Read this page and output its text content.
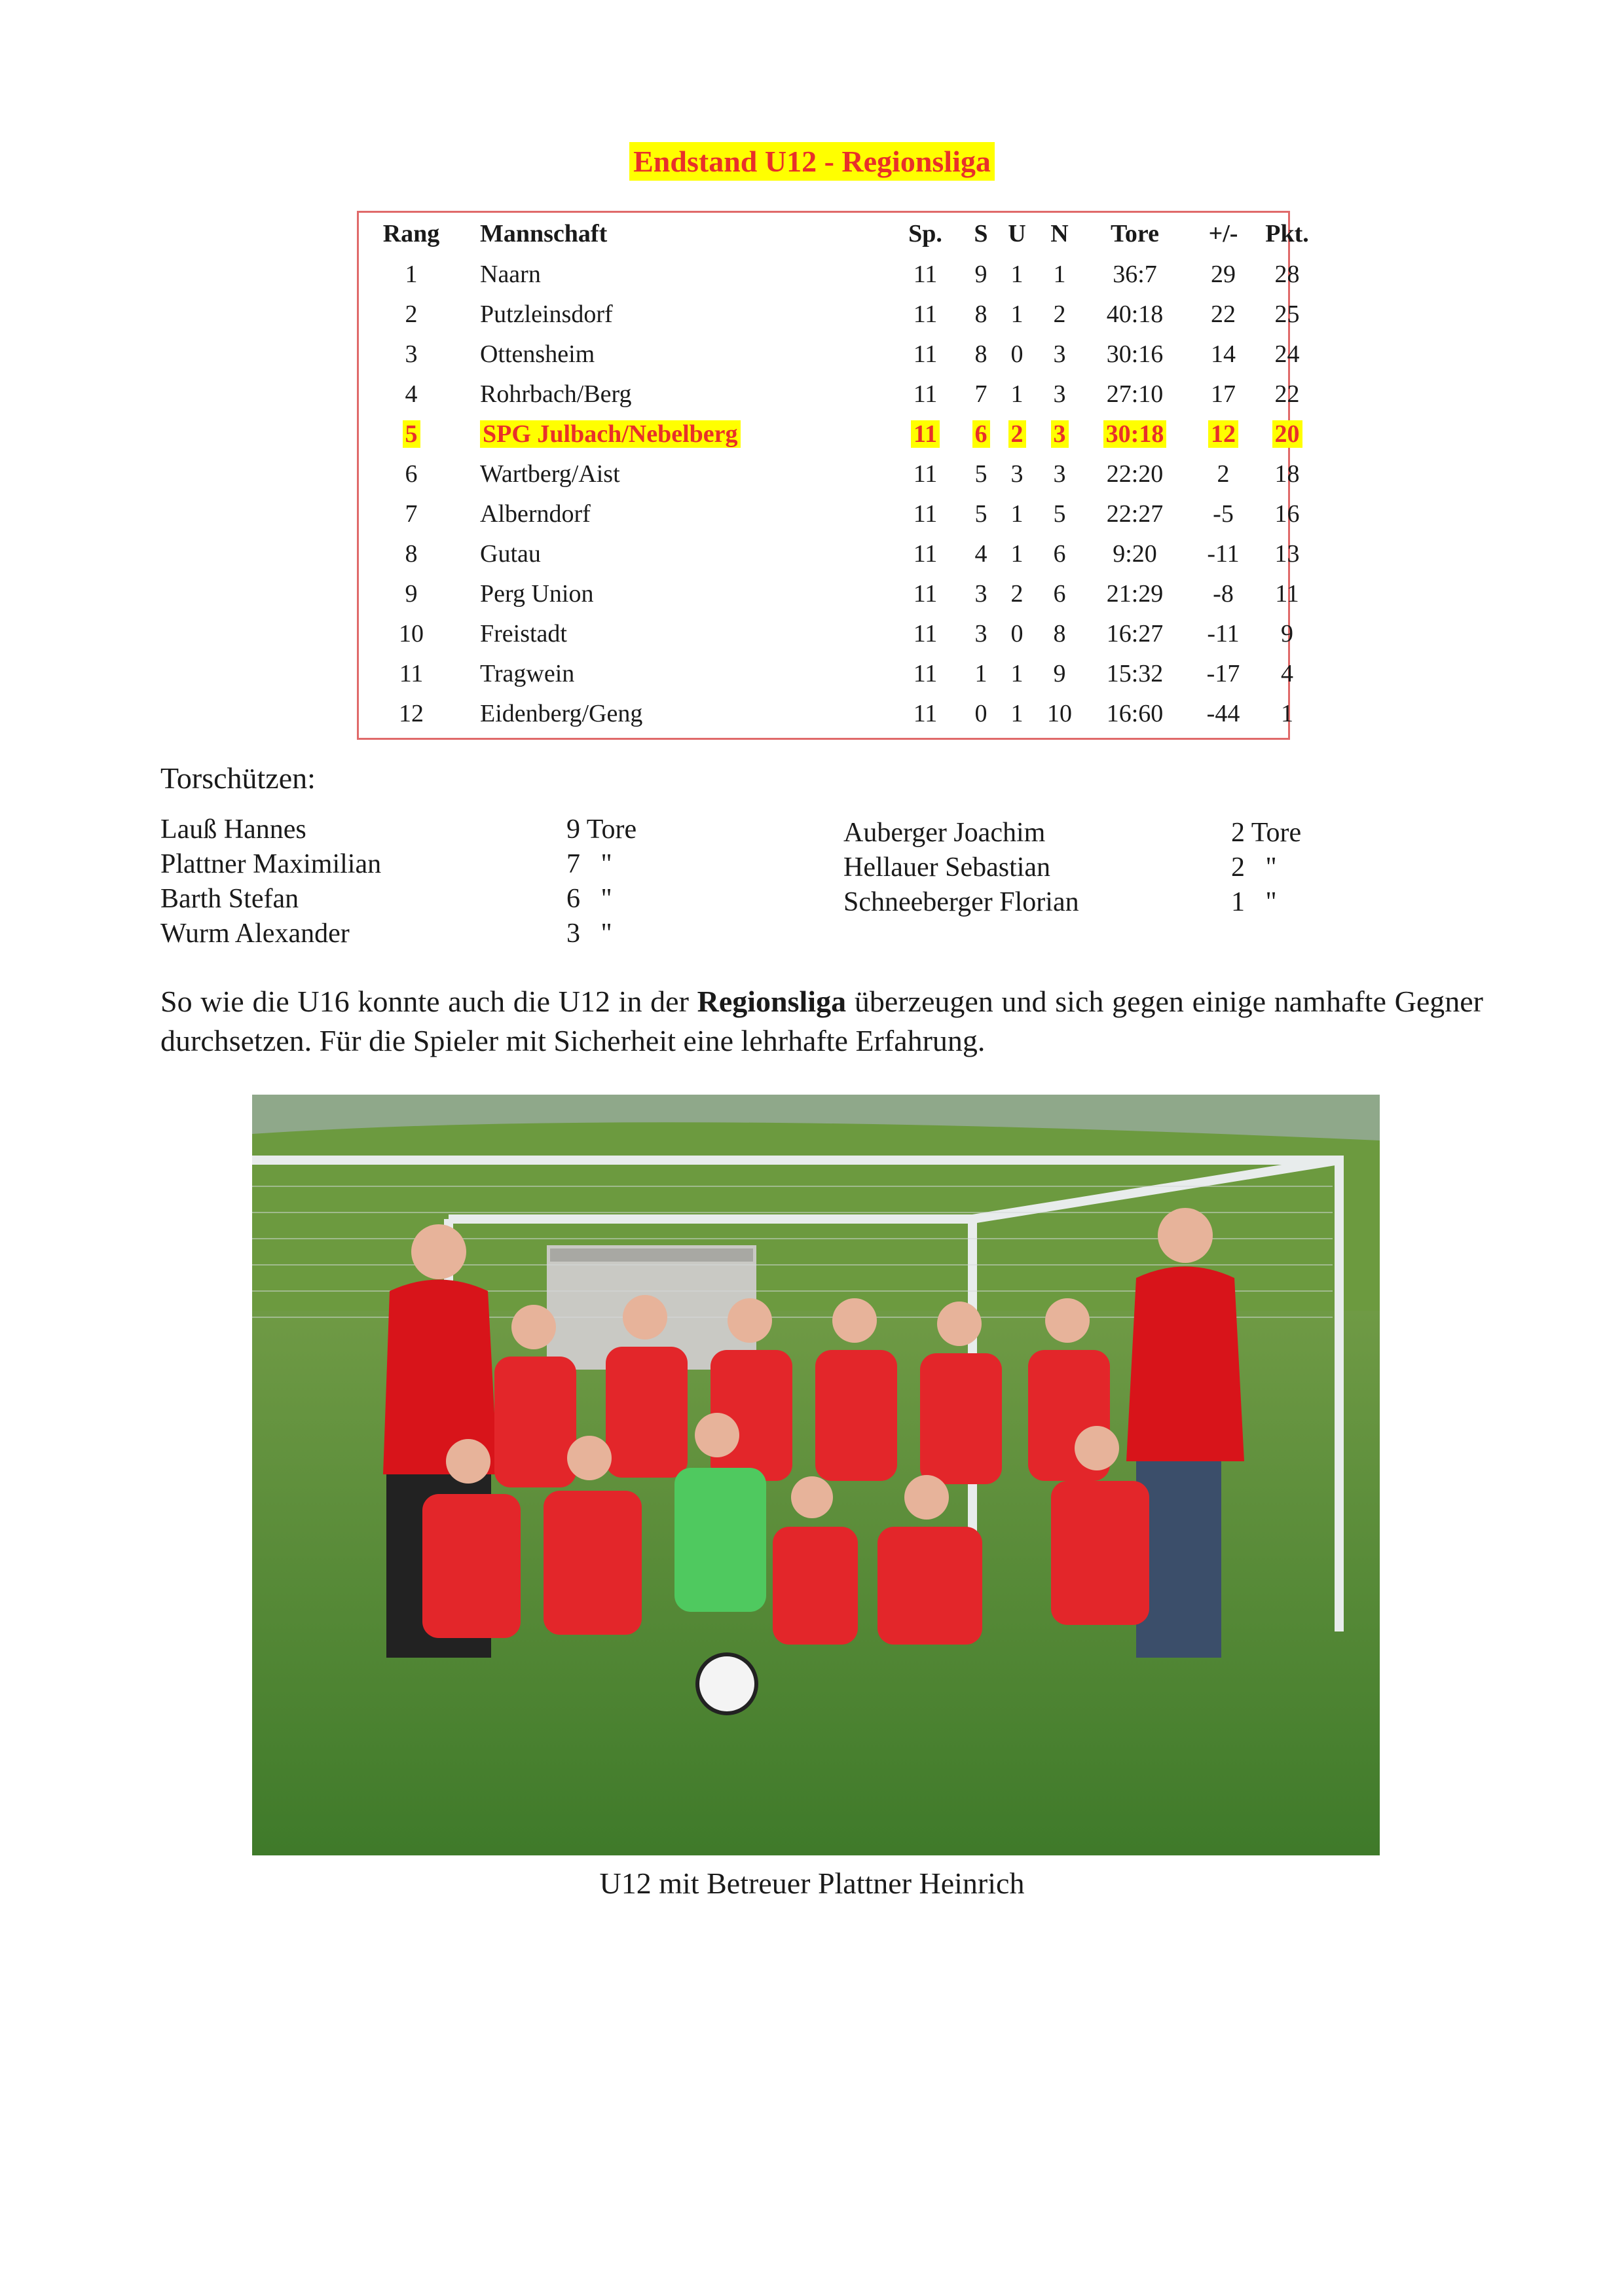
Endstand U12 - Regionsliga
Rang	Mannschaft	Sp.	S U N	Tore	+/-	Pkt.
1	Naarn	11	9 1	1	36:7	29	28
2	Putzleinsdorf	11	8 1	2	40:18	22	25
3	Ottensheim	11	8 0	3	30:16	14	24
4	Rohrbach/Berg	11	7 1	3	27:10	17	22
5	SPG Julbach/Nebelberg	11	6 2	3	30:18	12	20
6	Wartberg/Aist	11	5 3	3	22:20	2	18
7	Alberndorf	11	5 1	5	22:27	-5	16
8	Gutau	11	4 1	6	9:20	-11	13
9	Perg Union	11	3 2	6	21:29	-8	11
10	Freistadt	11	3 0	8	16:27	-11	9
11	Tragwein	11	1 1	9	15:32	-17	4
12	Eidenberg/Geng	11	0 1 10	16:60	-44	1
Torschützen:
Lauß Hannes	9 Tore
Plattner Maximilian	7   "
Barth Stefan	6   "
Wurm Alexander	3   "
Auberger Joachim	2 Tore
Hellauer Sebastian	2   "
Schneeberger Florian	1   "
So wie die U16 konnte auch die U12 in der Regionsliga überzeugen und sich gegen einige namhafte Gegner durchsetzen. Für die Spieler mit Sicherheit eine lehrhafte Erfahrung.
U12 mit Betreuer Plattner Heinrich
